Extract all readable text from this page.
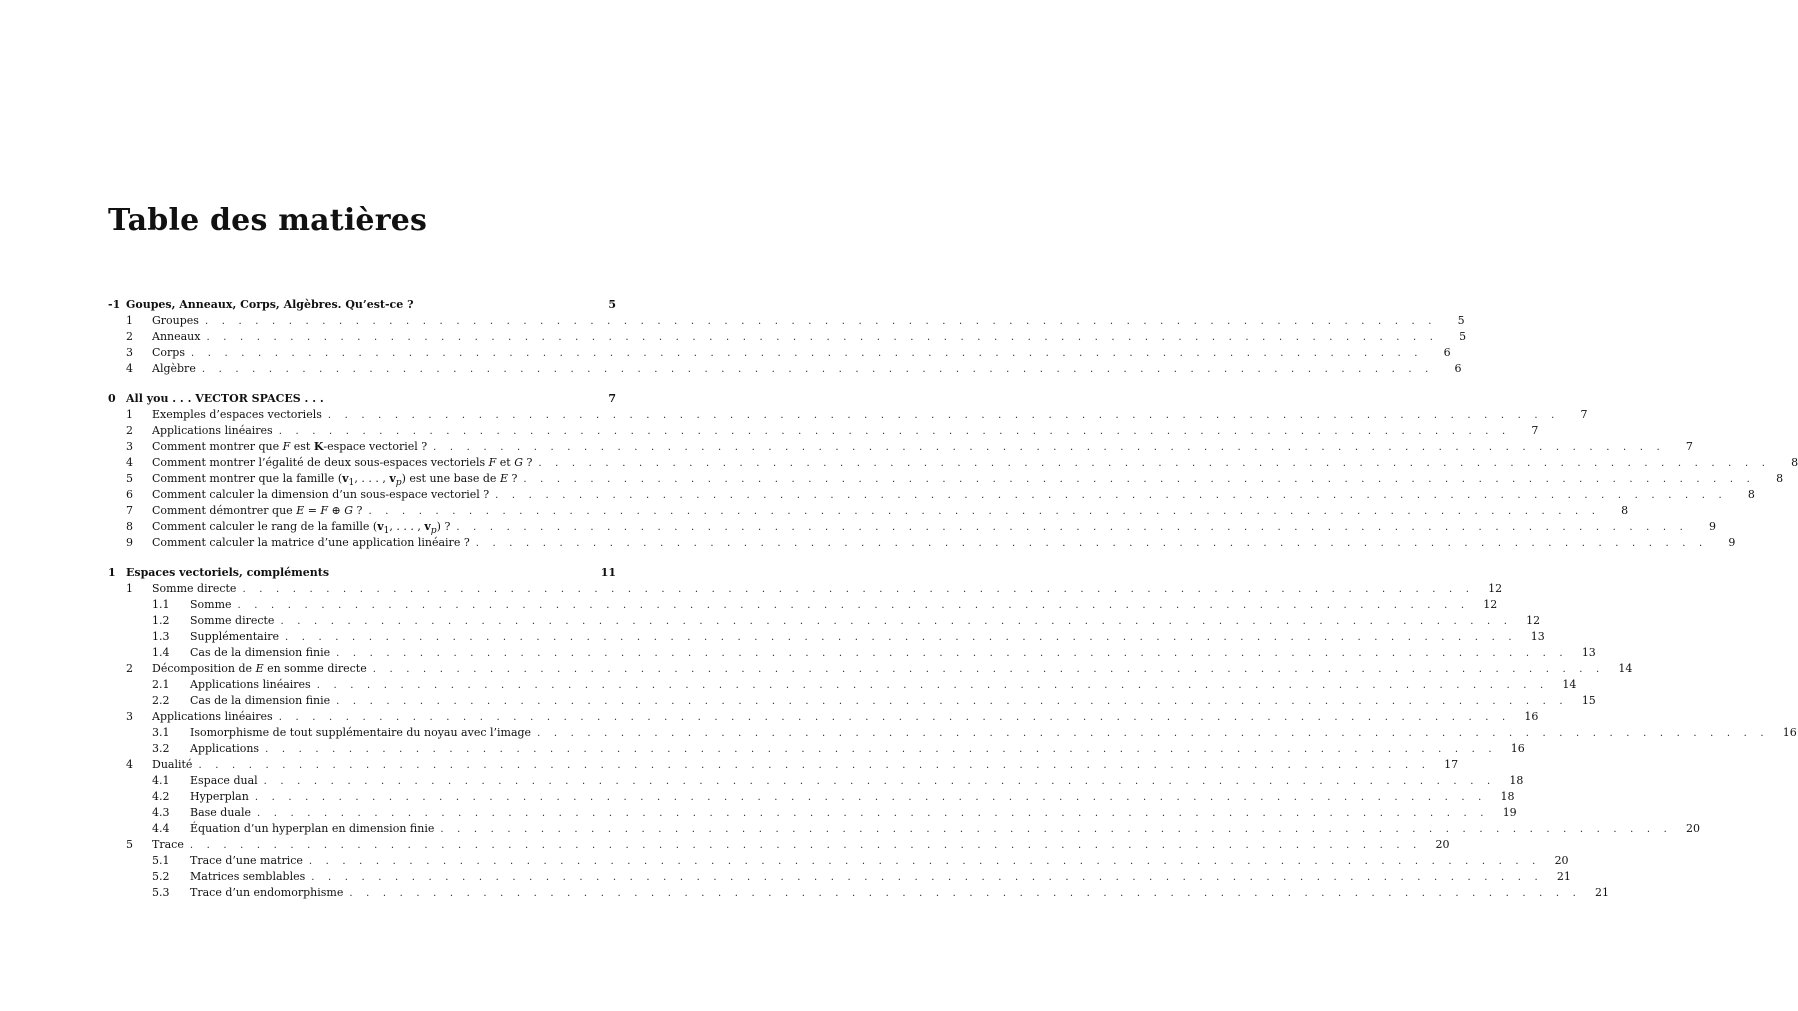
Table des matières
-1 Goupes, Anneaux, Corps, Algèbres. Qu’est-ce ?	5
1	Groupes . . .	5
2	Anneaux . . .	5
3	Corps . . .	6
4	Algèbre . . .	6
0 All you . . . VECTOR SPACES . . .	7
1	Exemples d’espaces vectoriels . . .	7
2	Applications linéaires . . .	7
3	Comment montrer que F est K-espace vectoriel ? . . .	7
4	Comment montrer l’égalité de deux sous-espaces vectoriels F et G ? . . .	8
5	Comment montrer que la famille ($v_1$, . . . , $v_p$) est une base de E ? . . .	8
6	Comment calculer la dimension d’un sous-espace vectoriel ? . . .	8
7	Comment démontrer que E = F ⊕ G ? . . .	8
8	Comment calculer le rang de la famille ($v_1$, . . . , $v_p$) ? . . .	9
9	Comment calculer la matrice d’une application linéaire ? . . .	9
1 Espaces vectoriels, compléments	11
1	Somme directe . . .	12
1.1	Somme . . .	12
1.2	Somme directe . . .	12
1.3	Supplémentaire . . .	13
1.4	Cas de la dimension finie . . .	13
2	Décomposition de E en somme directe . . .	14
2.1	Applications linéaires . . .	14
2.2	Cas de la dimension finie . . .	15
3	Applications linéaires . . .	16
3.1	Isomorphisme de tout supplémentaire du noyau avec l’image . . .	16
3.2	Applications . . .	16
4	Dualité . . .	17
4.1	Espace dual . . .	18
4.2	Hyperplan . . .	18
4.3	Base duale . . .	19
4.4	Équation d’un hyperplan en dimension finie . . .	20
5	Trace . . .	20
5.1	Trace d’une matrice . . .	20
5.2	Matrices semblables . . .	21
5.3	Trace d’un endomorphisme . . .	21
